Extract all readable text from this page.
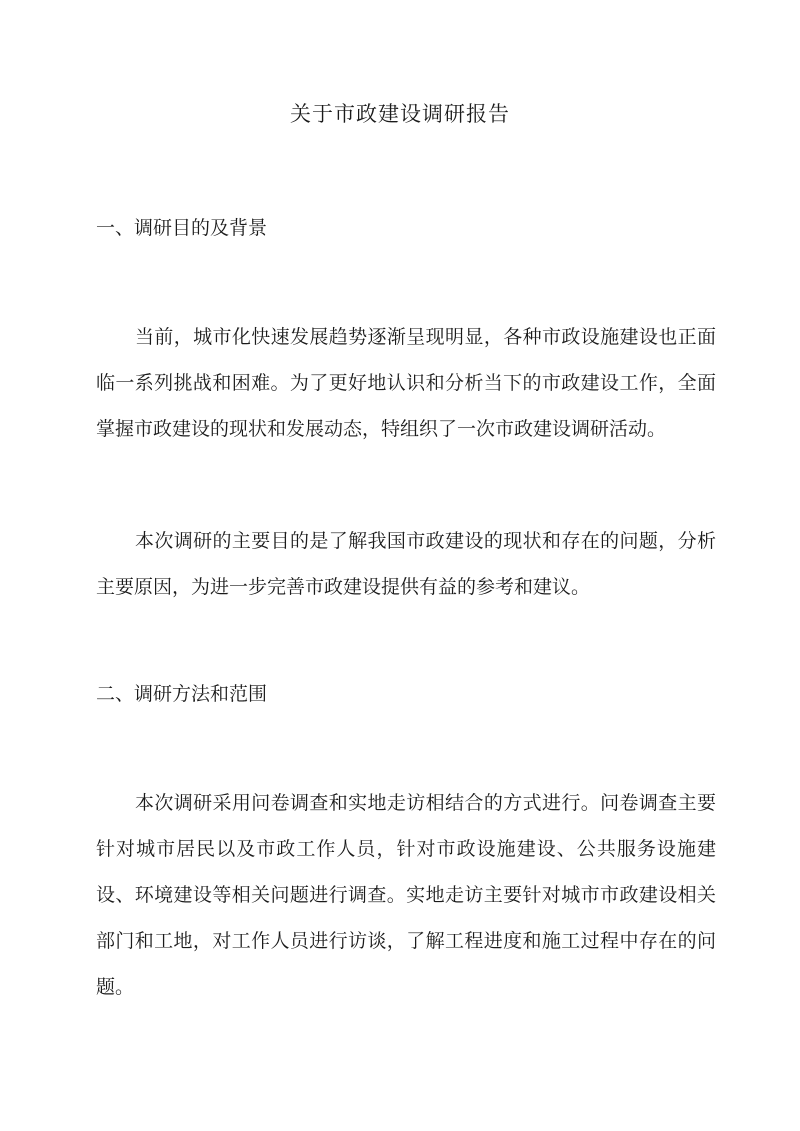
关于市政建设调研报告
一、调研目的及背景

当前，城市化快速发展趋势逐渐呈现明显，各种市政设施建设也正面临一系列挑战和困难。为了更好地认识和分析当下的市政建设工作，全面掌握市政建设的现状和发展动态，特组织了一次市政建设调研活动。

本次调研的主要目的是了解我国市政建设的现状和存在的问题，分析主要原因，为进一步完善市政建设提供有益的参考和建议。

二、调研方法和范围

本次调研采用问卷调查和实地走访相结合的方式进行。问卷调查主要针对城市居民以及市政工作人员，针对市政设施建设、公共服务设施建设、环境建设等相关问题进行调查。实地走访主要针对城市市政建设相关部门和工地，对工作人员进行访谈，了解工程进度和施工过程中存在的问题。
